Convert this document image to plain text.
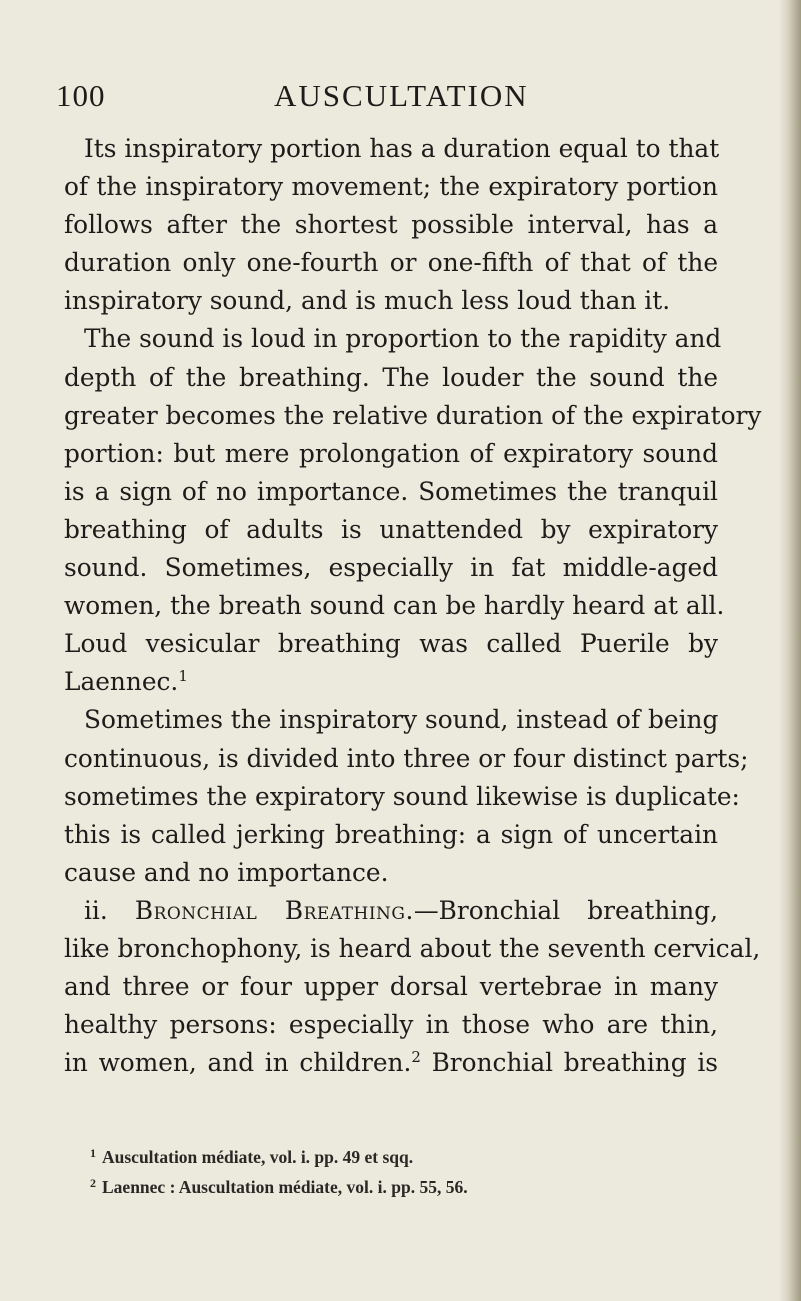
100	AUSCULTATION
Its inspiratory portion has a duration equal to that
of the inspiratory movement; the expiratory portion
follows after the shortest possible interval, has a
duration only one-fourth or one-fifth of that of the
inspiratory sound, and is much less loud than it.
The sound is loud in proportion to the rapidity and
depth of the breathing. The louder the sound the
greater becomes the relative duration of the expiratory
portion: but mere prolongation of expiratory sound
is a sign of no importance. Sometimes the tranquil
breathing of adults is unattended by expiratory
sound. Sometimes, especially in fat middle-aged
women, the breath sound can be hardly heard at all.
Loud vesicular breathing was called Puerile by
Laennec.$^1$
Sometimes the inspiratory sound, instead of being
continuous, is divided into three or four distinct parts;
sometimes the expiratory sound likewise is duplicate:
this is called jerking breathing: a sign of uncertain
cause and no importance.
ii. Bronchial Breathing.—Bronchial breathing,
like bronchophony, is heard about the seventh cervical,
and three or four upper dorsal vertebrae in many
healthy persons: especially in those who are thin,
in women, and in children.$^2$ Bronchial breathing is
$^1$ Auscultation médiate, vol. i. pp. 49 et sqq.
$^2$ Laennec : Auscultation médiate, vol. i. pp. 55, 56.
